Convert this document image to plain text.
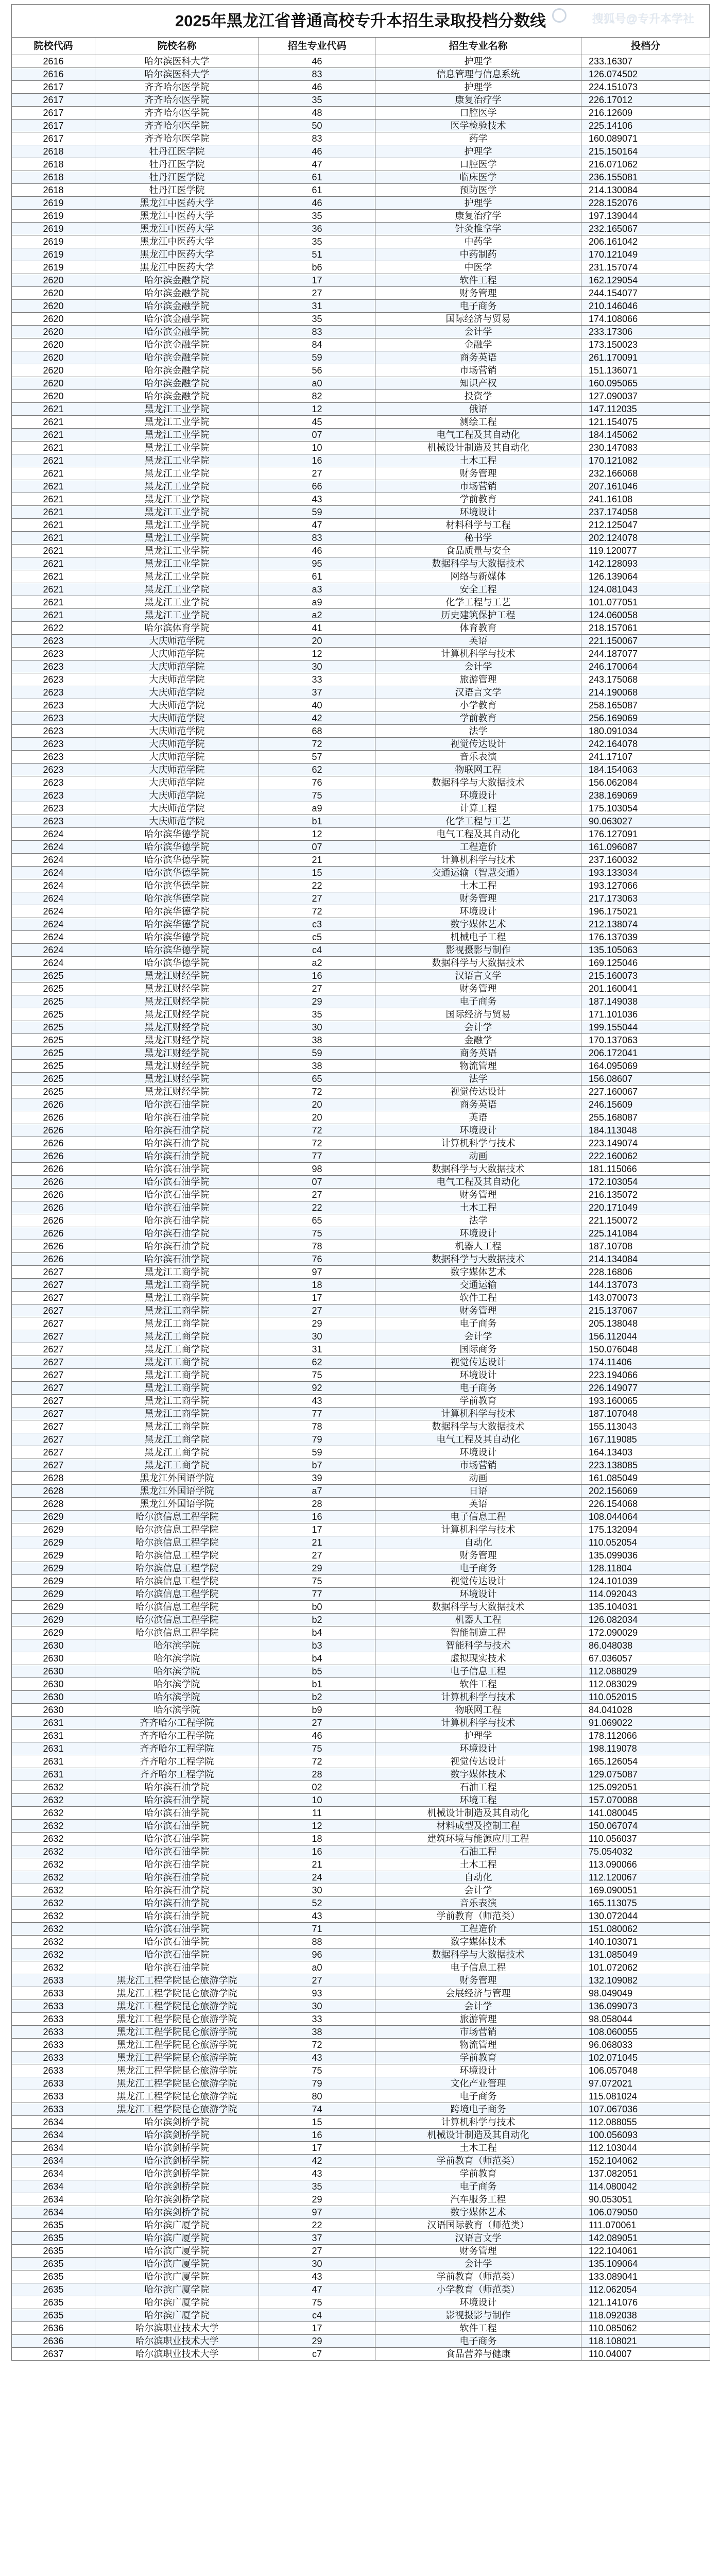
2025年黑龙江省普通高校专升本招生录取投档分数线
院校代码	院校名称	招生专业代码	招生专业名称	投档分
2616	哈尔滨医科大学	46	护理学	233.16307
2616	哈尔滨医科大学	83	信息管理与信息系统	126.074502
2617	齐齐哈尔医学院	46	护理学	224.151073
2617	齐齐哈尔医学院	35	康复治疗学	226.17012
2617	齐齐哈尔医学院	48	口腔医学	216.12609
2617	齐齐哈尔医学院	50	医学检验技术	225.14106
2617	齐齐哈尔医学院	83	药学	160.089071
2618	牡丹江医学院	46	护理学	215.150164
2618	牡丹江医学院	47	口腔医学	216.071062
2618	牡丹江医学院	61	临床医学	236.155081
2618	牡丹江医学院	61	预防医学	214.130084
2619	黑龙江中医药大学	46	护理学	228.152076
2619	黑龙江中医药大学	35	康复治疗学	197.139044
2619	黑龙江中医药大学	36	针灸推拿学	232.165067
2619	黑龙江中医药大学	35	中药学	206.161042
2619	黑龙江中医药大学	51	中药制药	170.121049
2619	黑龙江中医药大学	b6	中医学	231.157074
2620	哈尔滨金融学院	17	软件工程	162.129054
2620	哈尔滨金融学院	27	财务管理	244.154077
2620	哈尔滨金融学院	31	电子商务	210.146046
2620	哈尔滨金融学院	35	国际经济与贸易	174.108066
2620	哈尔滨金融学院	83	会计学	233.17306
2620	哈尔滨金融学院	84	金融学	173.150023
2620	哈尔滨金融学院	59	商务英语	261.170091
2620	哈尔滨金融学院	56	市场营销	151.136071
2620	哈尔滨金融学院	a0	知识产权	160.095065
2620	哈尔滨金融学院	82	投资学	127.090037
2621	黑龙江工业学院	12	俄语	147.112035
2621	黑龙江工业学院	45	测绘工程	121.154075
2621	黑龙江工业学院	07	电气工程及其自动化	184.145062
2621	黑龙江工业学院	10	机械设计制造及其自动化	230.147083
2621	黑龙江工业学院	16	土木工程	170.121082
2621	黑龙江工业学院	27	财务管理	232.166068
2621	黑龙江工业学院	66	市场营销	207.161046
2621	黑龙江工业学院	43	学前教育	241.16108
2621	黑龙江工业学院	59	环境设计	237.174058
2621	黑龙江工业学院	47	材料科学与工程	212.125047
2621	黑龙江工业学院	83	秘书学	202.124078
2621	黑龙江工业学院	46	食品质量与安全	119.120077
2621	黑龙江工业学院	95	数据科学与大数据技术	142.128093
2621	黑龙江工业学院	61	网络与新媒体	126.139064
2621	黑龙江工业学院	a3	安全工程	124.081043
2621	黑龙江工业学院	a9	化学工程与工艺	101.077051
2621	黑龙江工业学院	a2	历史建筑保护工程	124.060058
2622	哈尔滨体育学院	41	体育教育	218.157061
2623	大庆师范学院	20	英语	221.150067
2623	大庆师范学院	12	计算机科学与技术	244.187077
2623	大庆师范学院	30	会计学	246.170064
2623	大庆师范学院	33	旅游管理	243.175068
2623	大庆师范学院	37	汉语言文学	214.190068
2623	大庆师范学院	40	小学教育	258.165087
2623	大庆师范学院	42	学前教育	256.169069
2623	大庆师范学院	68	法学	180.091034
2623	大庆师范学院	72	视觉传达设计	242.164078
2623	大庆师范学院	57	音乐表演	241.17107
2623	大庆师范学院	62	物联网工程	184.154063
2623	大庆师范学院	76	数据科学与大数据技术	156.062084
2623	大庆师范学院	75	环境设计	238.169069
2623	大庆师范学院	a9	计算工程	175.103054
2623	大庆师范学院	b1	化学工程与工艺	90.063027
2624	哈尔滨华德学院	12	电气工程及其自动化	176.127091
2624	哈尔滨华德学院	07	工程造价	161.096087
2624	哈尔滨华德学院	21	计算机科学与技术	237.160032
2624	哈尔滨华德学院	15	交通运输（智慧交通）	193.133034
2624	哈尔滨华德学院	22	土木工程	193.127066
2624	哈尔滨华德学院	27	财务管理	217.173063
2624	哈尔滨华德学院	72	环境设计	196.175021
2624	哈尔滨华德学院	c3	数字媒体艺术	212.138074
2624	哈尔滨华德学院	c5	机械电子工程	176.137039
2624	哈尔滨华德学院	c4	影视摄影与制作	135.105063
2624	哈尔滨华德学院	a2	数据科学与大数据技术	169.125046
2625	黑龙江财经学院	16	汉语言文学	215.160073
2625	黑龙江财经学院	27	财务管理	201.160041
2625	黑龙江财经学院	29	电子商务	187.149038
2625	黑龙江财经学院	35	国际经济与贸易	171.101036
2625	黑龙江财经学院	30	会计学	199.155044
2625	黑龙江财经学院	38	金融学	170.137063
2625	黑龙江财经学院	59	商务英语	206.172041
2625	黑龙江财经学院	38	物流管理	164.095069
2625	黑龙江财经学院	65	法学	156.08607
2625	黑龙江财经学院	72	视觉传达设计	227.160067
2626	哈尔滨石油学院	20	商务英语	246.15609
2626	哈尔滨石油学院	20	英语	255.168087
2626	哈尔滨石油学院	72	环境设计	184.113048
2626	哈尔滨石油学院	72	计算机科学与技术	223.149074
2626	哈尔滨石油学院	77	动画	222.160062
2626	哈尔滨石油学院	98	数据科学与大数据技术	181.115066
2626	哈尔滨石油学院	07	电气工程及其自动化	172.103054
2626	哈尔滨石油学院	27	财务管理	216.135072
2626	哈尔滨石油学院	22	土木工程	220.171049
2626	哈尔滨石油学院	65	法学	221.150072
2626	哈尔滨石油学院	75	环境设计	225.141084
2626	哈尔滨石油学院	78	机器人工程	187.10708
2626	哈尔滨石油学院	76	数据科学与大数据技术	214.134084
2627	黑龙江工商学院	97	数字媒体艺术	228.16806
2627	黑龙江工商学院	18	交通运输	144.137073
2627	黑龙江工商学院	17	软件工程	143.070073
2627	黑龙江工商学院	27	财务管理	215.137067
2627	黑龙江工商学院	29	电子商务	205.138048
2627	黑龙江工商学院	30	会计学	156.112044
2627	黑龙江工商学院	31	国际商务	150.076048
2627	黑龙江工商学院	62	视觉传达设计	174.11406
2627	黑龙江工商学院	75	环境设计	223.194066
2627	黑龙江工商学院	92	电子商务	226.149077
2627	黑龙江工商学院	43	学前教育	193.160065
2627	黑龙江工商学院	77	计算机科学与技术	187.107048
2627	黑龙江工商学院	78	数据科学与大数据技术	155.113043
2627	黑龙江工商学院	79	电气工程及其自动化	167.119085
2627	黑龙江工商学院	59	环境设计	164.13403
2627	黑龙江工商学院	b7	市场营销	223.138085
2628	黑龙江外国语学院	39	动画	161.085049
2628	黑龙江外国语学院	a7	日语	202.156069
2628	黑龙江外国语学院	28	英语	226.154068
2629	哈尔滨信息工程学院	16	电子信息工程	108.044064
2629	哈尔滨信息工程学院	17	计算机科学与技术	175.132094
2629	哈尔滨信息工程学院	21	自动化	110.052054
2629	哈尔滨信息工程学院	27	财务管理	135.099036
2629	哈尔滨信息工程学院	29	电子商务	128.11804
2629	哈尔滨信息工程学院	75	视觉传达设计	124.101039
2629	哈尔滨信息工程学院	77	环境设计	114.092043
2629	哈尔滨信息工程学院	b0	数据科学与大数据技术	135.104031
2629	哈尔滨信息工程学院	b2	机器人工程	126.082034
2629	哈尔滨信息工程学院	b4	智能制造工程	172.090029
2630	哈尔滨学院	b3	智能科学与技术	86.048038
2630	哈尔滨学院	b4	虚拟现实技术	67.036057
2630	哈尔滨学院	b5	电子信息工程	112.088029
2630	哈尔滨学院	b1	软件工程	112.083029
2630	哈尔滨学院	b2	计算机科学与技术	110.052015
2630	哈尔滨学院	b9	物联网工程	84.041028
2631	齐齐哈尔工程学院	27	计算机科学与技术	91.069022
2631	齐齐哈尔工程学院	46	护理学	178.112066
2631	齐齐哈尔工程学院	75	环境设计	198.119078
2631	齐齐哈尔工程学院	72	视觉传达设计	165.126054
2631	齐齐哈尔工程学院	28	数字媒体技术	129.075087
2632	哈尔滨石油学院	02	石油工程	125.092051
2632	哈尔滨石油学院	10	环境工程	157.070088
2632	哈尔滨石油学院	11	机械设计制造及其自动化	141.080045
2632	哈尔滨石油学院	12	材料成型及控制工程	150.067074
2632	哈尔滨石油学院	18	建筑环境与能源应用工程	110.056037
2632	哈尔滨石油学院	16	石油工程	75.054032
2632	哈尔滨石油学院	21	土木工程	113.090066
2632	哈尔滨石油学院	24	自动化	112.120067
2632	哈尔滨石油学院	30	会计学	169.090051
2632	哈尔滨石油学院	52	音乐表演	165.113075
2632	哈尔滨石油学院	43	学前教育（师范类）	130.072044
2632	哈尔滨石油学院	71	工程造价	151.080062
2632	哈尔滨石油学院	88	数字媒体技术	140.103071
2632	哈尔滨石油学院	96	数据科学与大数据技术	131.085049
2632	哈尔滨石油学院	a0	电子信息工程	101.072062
2633	黑龙江工程学院昆仑旅游学院	27	财务管理	132.109082
2633	黑龙江工程学院昆仑旅游学院	93	会展经济与管理	98.049049
2633	黑龙江工程学院昆仑旅游学院	30	会计学	136.099073
2633	黑龙江工程学院昆仑旅游学院	33	旅游管理	98.058044
2633	黑龙江工程学院昆仑旅游学院	38	市场营销	108.060055
2633	黑龙江工程学院昆仑旅游学院	72	物流管理	96.068033
2633	黑龙江工程学院昆仑旅游学院	43	学前教育	102.071045
2633	黑龙江工程学院昆仑旅游学院	75	环境设计	106.057048
2633	黑龙江工程学院昆仑旅游学院	79	文化产业管理	97.072021
2633	黑龙江工程学院昆仑旅游学院	80	电子商务	115.081024
2633	黑龙江工程学院昆仑旅游学院	74	跨境电子商务	107.067036
2634	哈尔滨剑桥学院	15	计算机科学与技术	112.088055
2634	哈尔滨剑桥学院	16	机械设计制造及其自动化	100.056093
2634	哈尔滨剑桥学院	17	土木工程	112.103044
2634	哈尔滨剑桥学院	42	学前教育（师范类）	152.104062
2634	哈尔滨剑桥学院	43	学前教育	137.082051
2634	哈尔滨剑桥学院	35	电子商务	114.080042
2634	哈尔滨剑桥学院	29	汽车服务工程	90.053051
2634	哈尔滨剑桥学院	97	数字媒体艺术	106.079050
2635	哈尔滨广厦学院	22	汉语国际教育（师范类）	111.070061
2635	哈尔滨广厦学院	37	汉语言文学	142.089051
2635	哈尔滨广厦学院	27	财务管理	122.104061
2635	哈尔滨广厦学院	30	会计学	135.109064
2635	哈尔滨广厦学院	43	学前教育（师范类）	133.089041
2635	哈尔滨广厦学院	47	小学教育（师范类）	112.062054
2635	哈尔滨广厦学院	75	环境设计	121.141076
2635	哈尔滨广厦学院	c4	影视摄影与制作	118.092038
2636	哈尔滨职业技术大学	17	软件工程	110.085062
2636	哈尔滨职业技术大学	29	电子商务	118.108021
2637	哈尔滨职业技术大学	c7	食品营养与健康	110.04007
搜狐号@专升本学社
